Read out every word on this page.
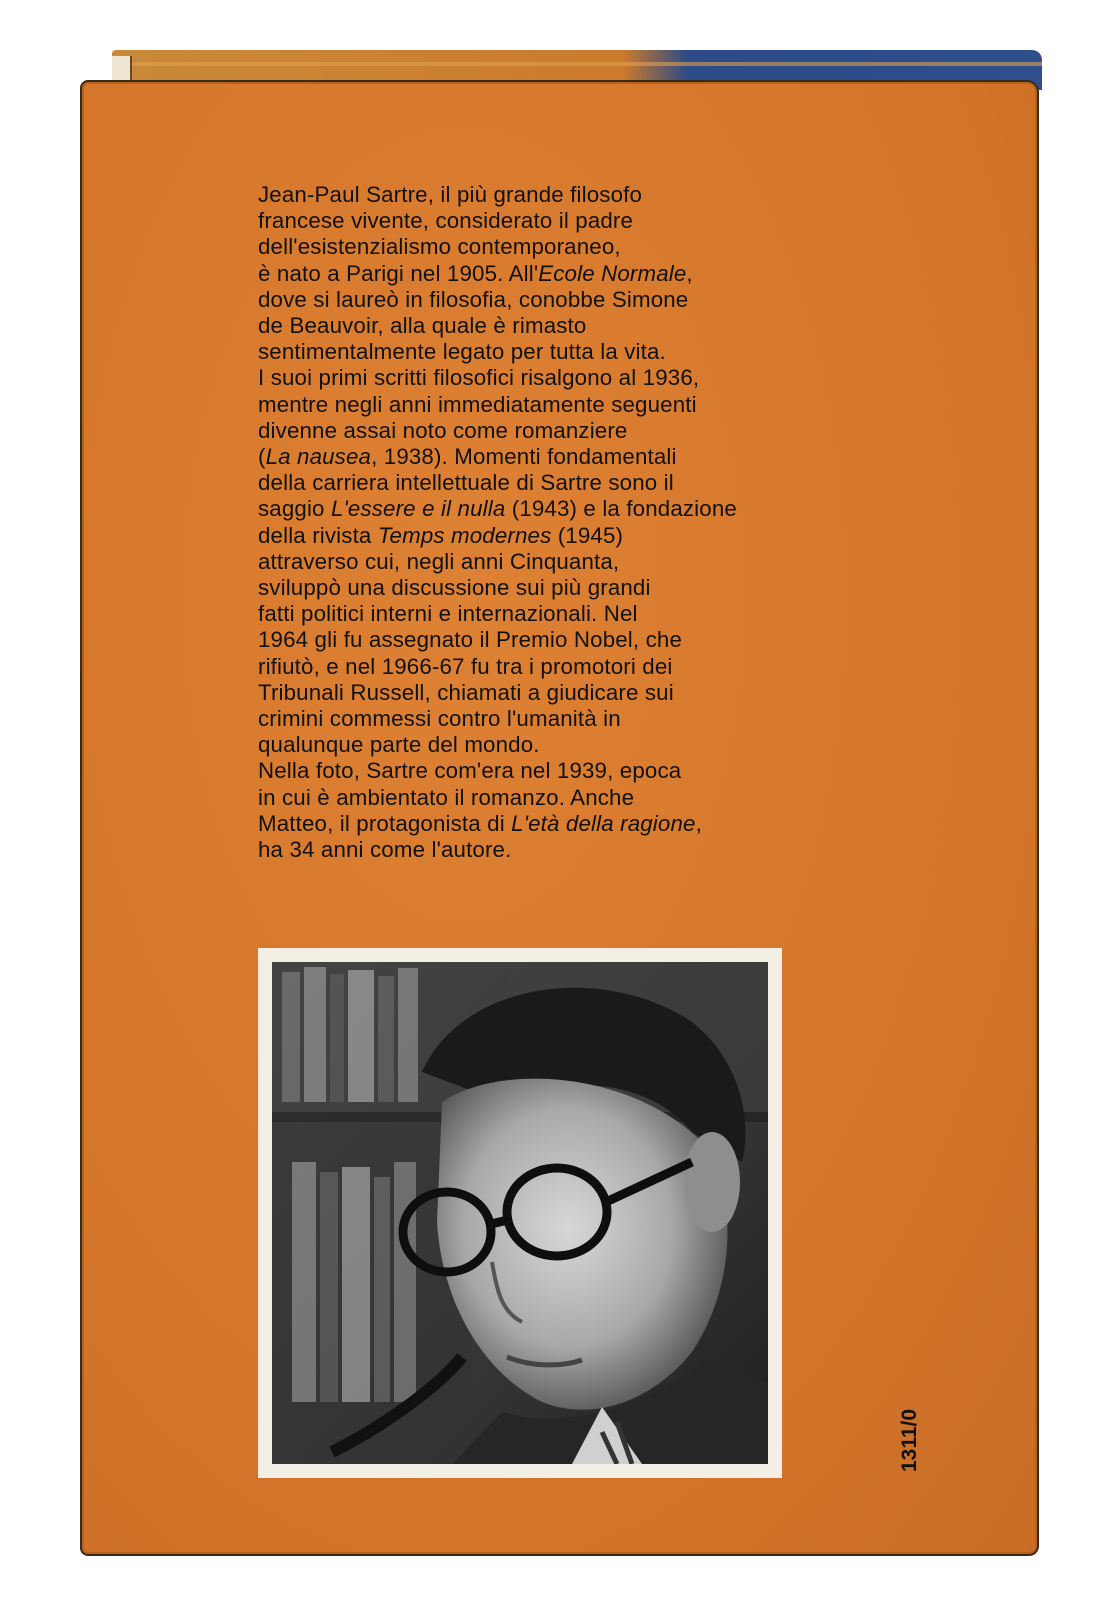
Jean-Paul Sartre, il più grande filosofo
francese vivente, considerato il padre
dell'esistenzialismo contemporaneo,
è nato a Parigi nel 1905. All'Ecole Normale,
dove si laureò in filosofia, conobbe Simone
de Beauvoir, alla quale è rimasto
sentimentalmente legato per tutta la vita.
I suoi primi scritti filosofici risalgono al 1936,
mentre negli anni immediatamente seguenti
divenne assai noto come romanziere
(La nausea, 1938). Momenti fondamentali
della carriera intellettuale di Sartre sono il
saggio L'essere e il nulla (1943) e la fondazione
della rivista Temps modernes (1945)
attraverso cui, negli anni Cinquanta,
sviluppò una discussione sui più grandi
fatti politici interni e internazionali. Nel
1964 gli fu assegnato il Premio Nobel, che
rifiutò, e nel 1966-67 fu tra i promotori dei
Tribunali Russell, chiamati a giudicare sui
crimini commessi contro l'umanità in
qualunque parte del mondo.
Nella foto, Sartre com'era nel 1939, epoca
in cui è ambientato il romanzo. Anche
Matteo, il protagonista di L'età della ragione,
ha 34 anni come l'autore.

1311/0
